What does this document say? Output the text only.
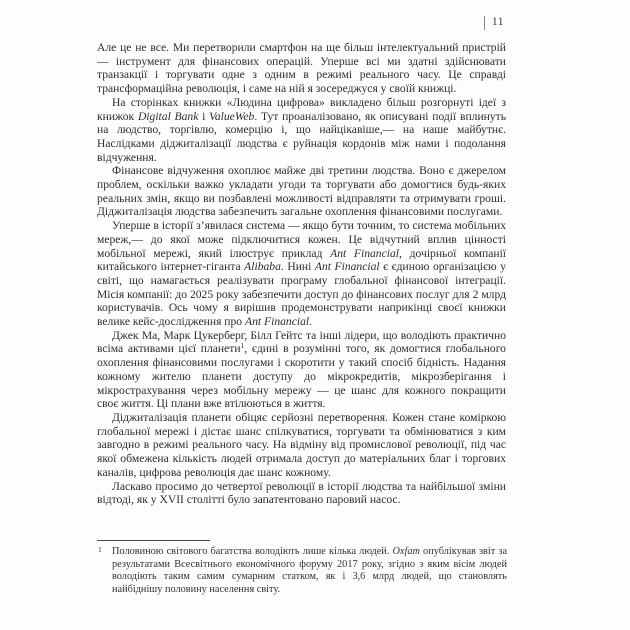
11

Але це не все. Ми перетворили смартфон на ще більш інтелектуальний пристрій — інструмент для фінансових операцій. Уперше всі ми здатні здійснювати транзакції і торгувати одне з одним в режимі реального часу. Це справді трансформаційна революція, і саме на ній я зосереджуся у своїй книжці.

На сторінках книжки «Людина цифрова» викладено більш розгорнуті ідеї з книжок Digital Bank і ValueWeb. Тут проаналізовано, як описувані події вплинуть на людство, торгівлю, комерцію і, що найцікавіше,— на наше майбутнє. Наслідками діджиталізації людства є руйнація кордонів між нами і подолання відчуження.

Фінансове відчуження охоплює майже дві третини людства. Воно є джерелом проблем, оскільки важко укладати угоди та торгувати або домогтися будь-яких реальних змін, якщо ви позбавлені можливості відправляти та отримувати гроші. Діджиталізація людства забезпечить загальне охоплення фінансовими послугами.

Уперше в історії з’явилася система — якщо бути точним, то система мобільних мереж,— до якої може підключитися кожен. Це відчутний вплив цінності мобільної мережі, який ілюструє приклад Ant Financial, дочірньої компанії китайського інтернет-гіганта Alibaba. Нині Ant Financial є єдиною організацією у світі, що намагається реалізувати програму глобальної фінансової інтеграції. Місія компанії: до 2025 року забезпечити доступ до фінансових послуг для 2 млрд користувачів. Ось чому я вирішив продемонструвати наприкінці своєї книжки велике кейс-дослідження про Ant Financial.

Джек Ма, Марк Цукерберг, Білл Гейтс та інші лідери, що володіють практично всіма активами цієї планети$^1$, єдині в розумінні того, як домогтися глобального охоплення фінансовими послугами і скоротити у такий спосіб бідність. Надання кожному жителю планети доступу до мікрокредитів, мікрозберігання і мікрострахування через мобільну мережу — це шанс для кожного покращити своє життя. Ці плани вже втілюються в життя.

Діджиталізація планети обіцяє серйозні перетворення. Кожен стане коміркою глобальної мережі і дістає шанс спілкуватися, торгувати та обмінюватися з ким завгодно в режимі реального часу. На відміну від промислової революції, під час якої обмежена кількість людей отримала доступ до матеріальних благ і торгових каналів, цифрова революція дає шанс кожному.

Ласкаво просимо до четвертої революції в історії людства та найбільшої зміни відтоді, як у XVII столітті було запатентовано паровий насос.

1 Половиною світового багатства володіють лише кілька людей. Oxfam опублікував звіт за результатами Всесвітнього економічного форуму 2017 року, згідно з яким вісім людей володіють таким самим сумарним статком, як і 3,6 млрд людей, що становлять найбіднішу половину населення світу.
